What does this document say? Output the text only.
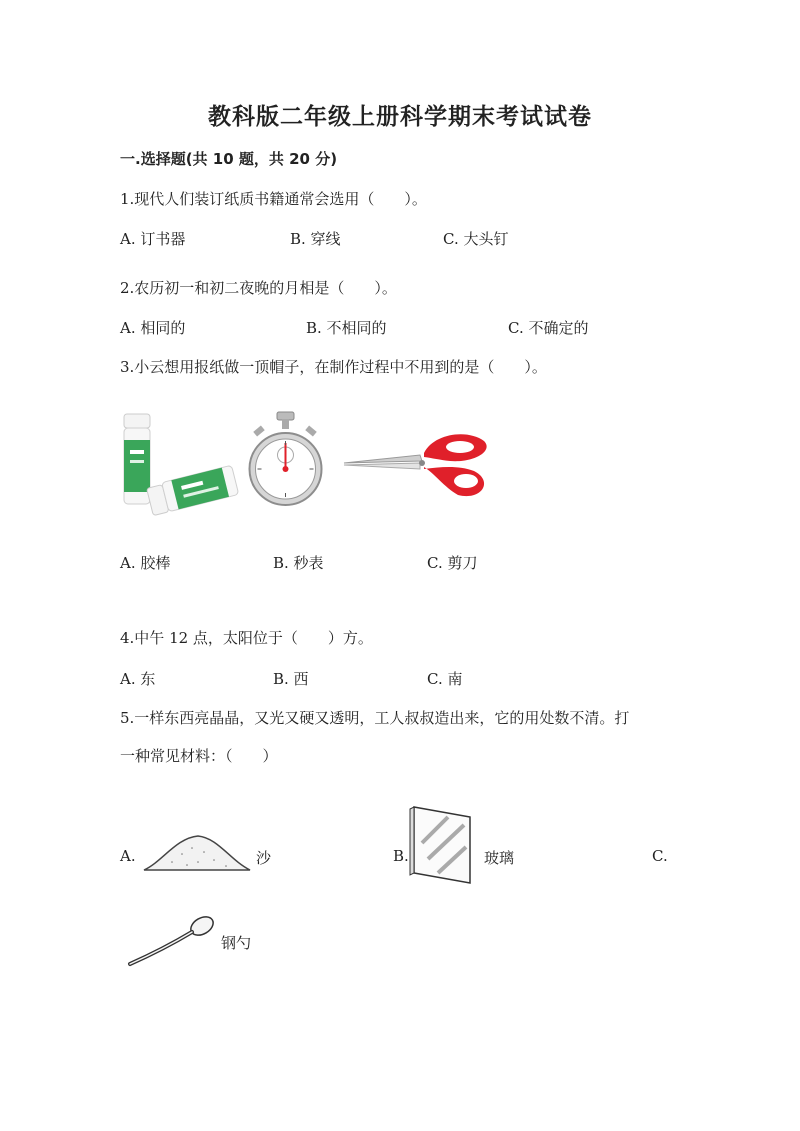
教科版二年级上册科学期末考试试卷
一.选择题(共 10 题，共 20 分)
1.现代人们装订纸质书籍通常会选用（　　）。
A. 订书器	B. 穿线	C. 大头钉
2.农历初一和初二夜晚的月相是（　　）。
A. 相同的	B. 不相同的	C. 不确定的
3.小云想用报纸做一顶帽子，在制作过程中不用到的是（　　）。
A. 胶棒	B. 秒表	C. 剪刀
4.中午 12 点，太阳位于（　　）方。
A. 东	B. 西	C. 南
5.一样东西亮晶晶，又光又硬又透明，工人叔叔造出来，它的用处数不清。打
一种常见材料：（　　）
A.	沙	B.	玻璃	C.
钢勺
